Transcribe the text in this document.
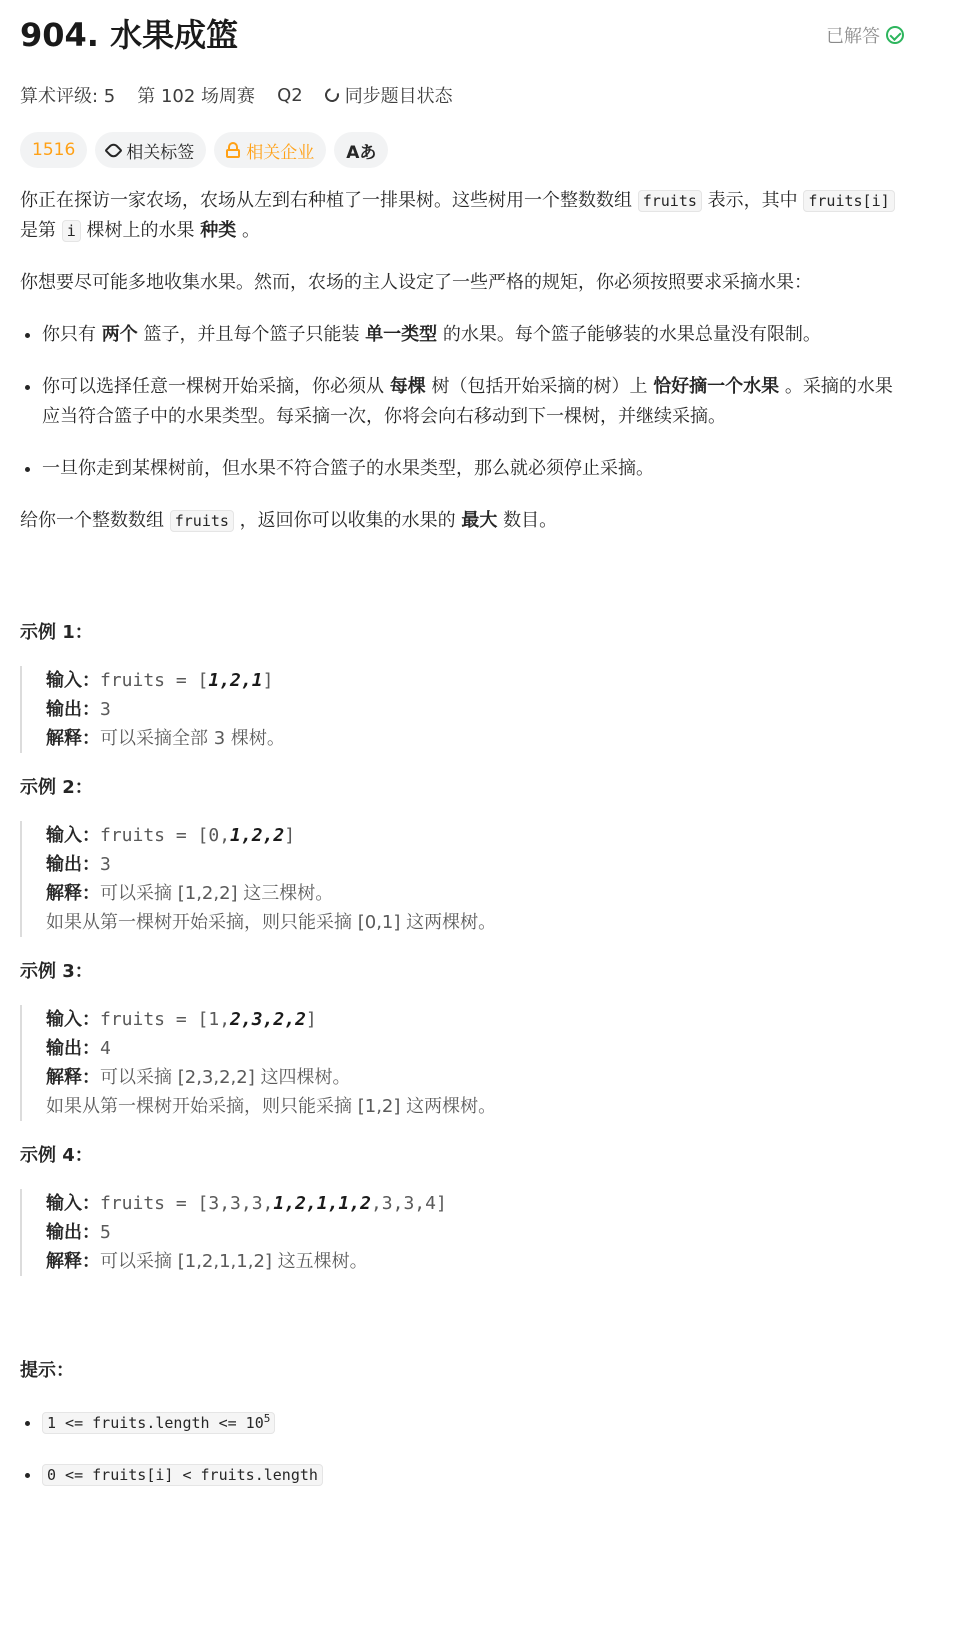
904. 水果成篮	已解答
算术评级: 5 第 102 场周赛 Q2 同步题目状态
1516	相关标签	相关企业 Aあ

你正在探访一家农场，农场从左到右种植了一排果树。这些树用一个整数数组 fruits 表示，其中 fruits[i] 是第 i 棵树上的水果 种类 。

你想要尽可能多地收集水果。然而，农场的主人设定了一些严格的规矩，你必须按照要求采摘水果：

• 你只有 两个 篮子，并且每个篮子只能装 单一类型 的水果。每个篮子能够装的水果总量没有限制。
• 你可以选择任意一棵树开始采摘，你必须从 每棵 树（包括开始采摘的树）上 恰好摘一个水果 。采摘的水果应当符合篮子中的水果类型。每采摘一次，你将会向右移动到下一棵树，并继续采摘。
• 一旦你走到某棵树前，但水果不符合篮子的水果类型，那么就必须停止采摘。

给你一个整数数组 fruits ，返回你可以收集的水果的 最大 数目。

示例 1：
输入：fruits = [1,2,1]
输出：3
解释：可以采摘全部 3 棵树。
示例 2：
输入：fruits = [0,1,2,2]
输出：3
解释：可以采摘 [1,2,2] 这三棵树。
如果从第一棵树开始采摘，则只能采摘 [0,1] 这两棵树。
示例 3：
输入：fruits = [1,2,3,2,2]
输出：4
解释：可以采摘 [2,3,2,2] 这四棵树。
如果从第一棵树开始采摘，则只能采摘 [1,2] 这两棵树。
示例 4：
输入：fruits = [3,3,3,1,2,1,1,2,3,3,4]
输出：5
解释：可以采摘 [1,2,1,1,2] 这五棵树。
提示：
• 1 <= fruits.length <= $10^5$
• 0 <= fruits[i] < fruits.length
